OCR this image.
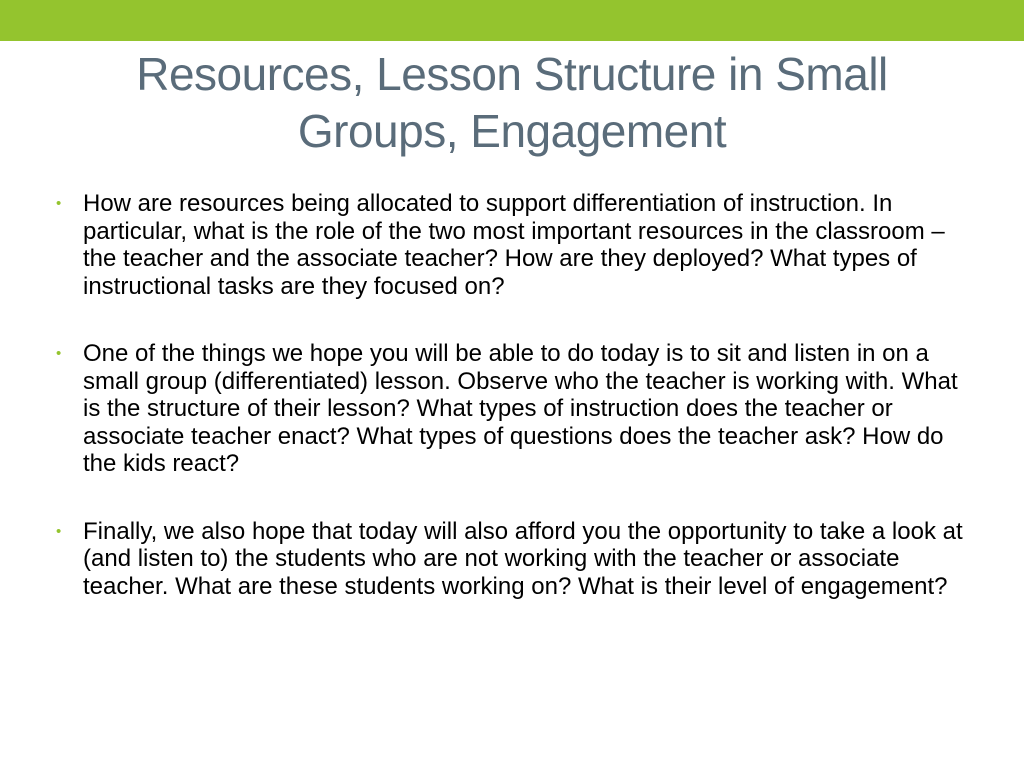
Resources, Lesson Structure in Small Groups, Engagement
• How are resources being allocated to support differentiation of instruction. In particular, what is the role of the two most important resources in the classroom – the teacher and the associate teacher? How are they deployed? What types of instructional tasks are they focused on?
• One of the things we hope you will be able to do today is to sit and listen in on a small group (differentiated) lesson. Observe who the teacher is working with. What is the structure of their lesson? What types of instruction does the teacher or associate teacher enact? What types of questions does the teacher ask? How do the kids react?
• Finally, we also hope that today will also afford you the opportunity to take a look at (and listen to) the students who are not working with the teacher or associate teacher. What are these students working on? What is their level of engagement?
